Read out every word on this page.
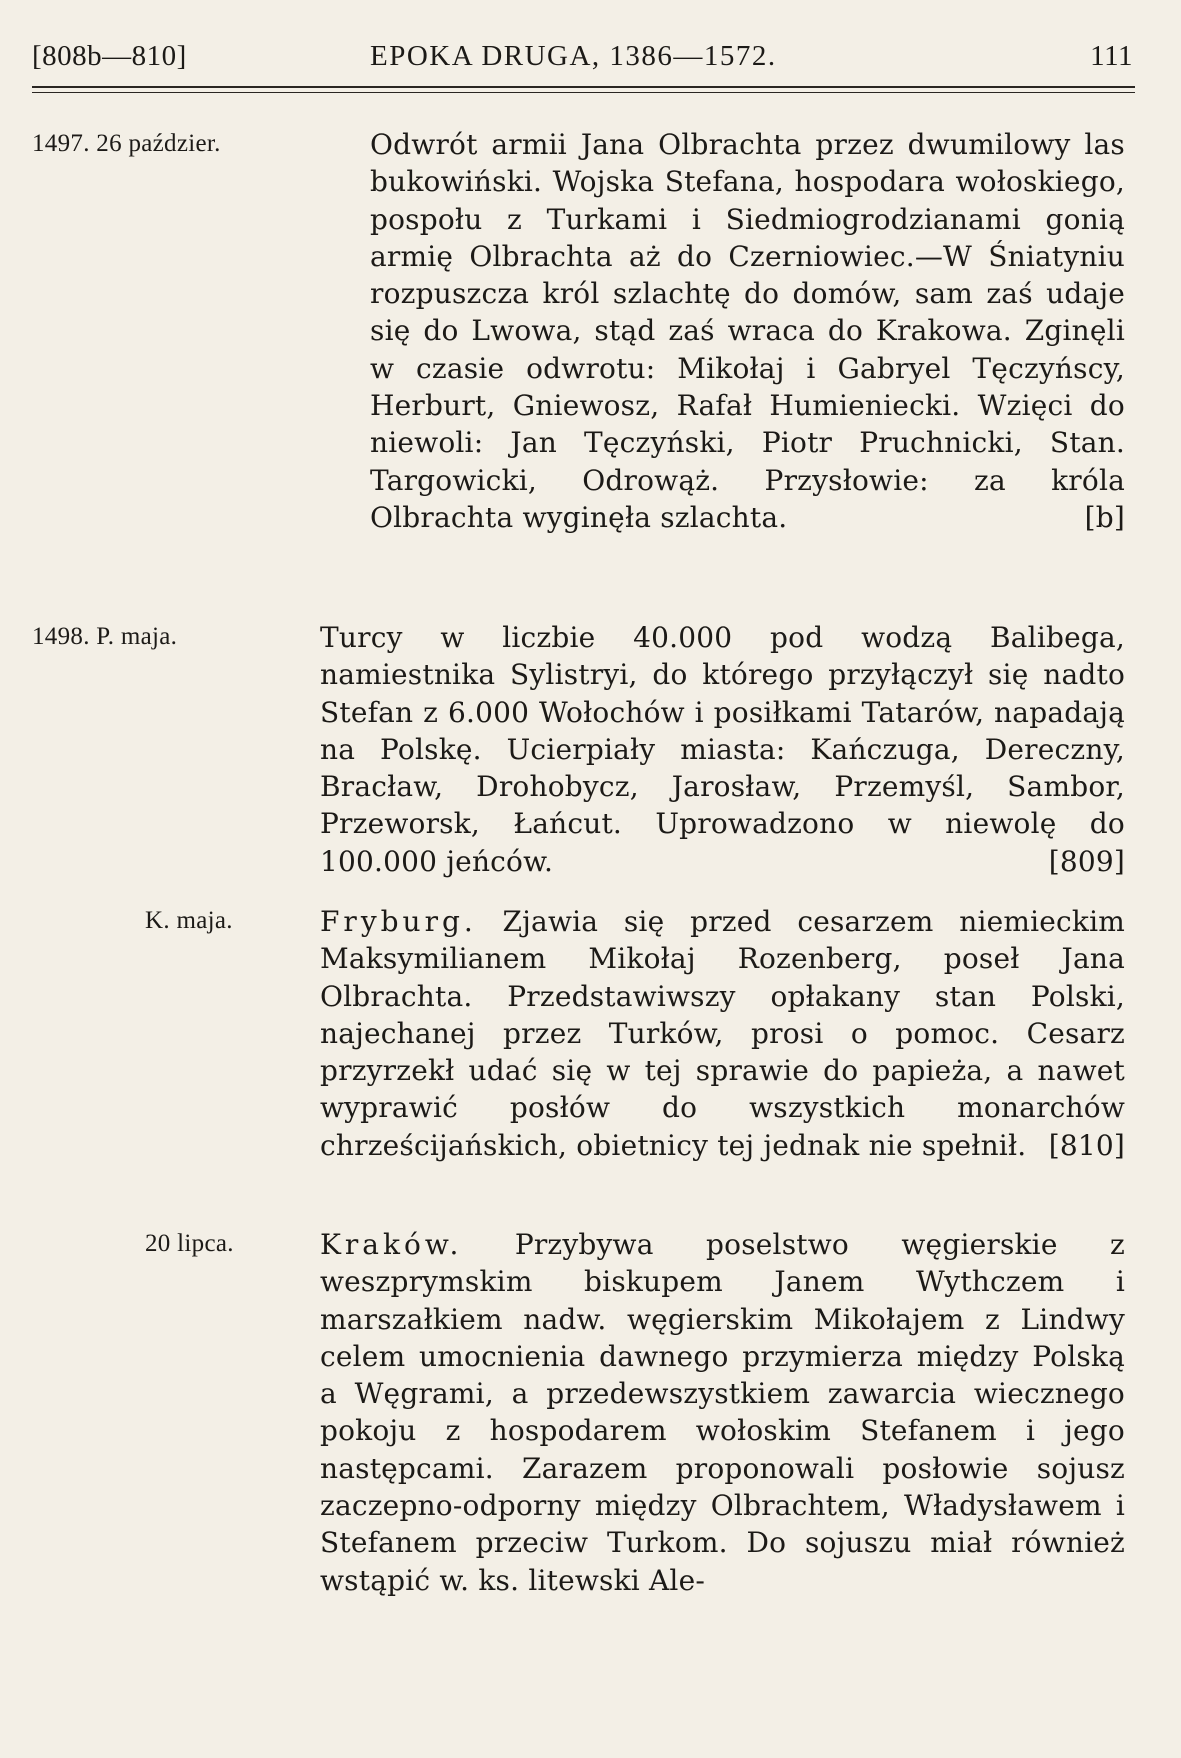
[808b—810]	EPOKA DRUGA, 1386—1572.	111
1497. 26 paździer.	Odwrót armii Jana Olbrachta przez dwumilowy las bukowiński. Wojska Stefana, hospodara wołoskiego, pospołu z Turkami i Siedmiogrodzianami gonią armię Olbrachta aż do Czerniowiec.—W Śniatyniu rozpuszcza król szlachtę do domów, sam zaś udaje się do Lwowa, stąd zaś wraca do Krakowa. Zginęli w czasie odwrotu: Mikołaj i Gabryel Tęczyńscy, Herburt, Gniewosz, Rafał Humieniecki. Wzięci do niewoli: Jan Tęczyński, Piotr Pruchnicki, Stan. Targowicki, Odrowąż. Przysłowie: za króla Olbrachta wyginęła szlachta.	[b]
1498. P. maja.	Turcy w liczbie 40.000 pod wodzą Balibega, namiestnika Sylistryi, do którego przyłączył się nadto Stefan z 6.000 Wołochów i posiłkami Tatarów, napadają na Polskę. Ucierpiały miasta: Kańczuga, Dereczny, Bracław, Drohobycz, Jarosław, Przemyśl, Sambor, Przeworsk, Łańcut. Uprowadzono w niewolę do 100.000 jeńców.	[809]
K. maja.	Fryburg. Zjawia się przed cesarzem niemieckim Maksymilianem Mikołaj Rozenberg, poseł Jana Olbrachta. Przedstawiwszy opłakany stan Polski, najechanej przez Turków, prosi o pomoc. Cesarz przyrzekł udać się w tej sprawie do papieża, a nawet wyprawić posłów do wszystkich monarchów chrześcijańskich, obietnicy tej jednak nie spełnił. [810]
20 lipca.	Kraków. Przybywa poselstwo węgierskie z weszprymskim biskupem Janem Wythczem i marszałkiem nadw. węgierskim Mikołajem z Lindwy celem umocnienia dawnego przymierza między Polską a Węgrami, a przedewszystkiem zawarcia wiecznego pokoju z hospodarem wołoskim Stefanem i jego następcami. Zarazem proponowali posłowie sojusz zaczepno-odporny między Olbrachtem, Władysławem i Stefanem przeciw Turkom. Do sojuszu miał również wstąpić w. ks. litewski Ale-
